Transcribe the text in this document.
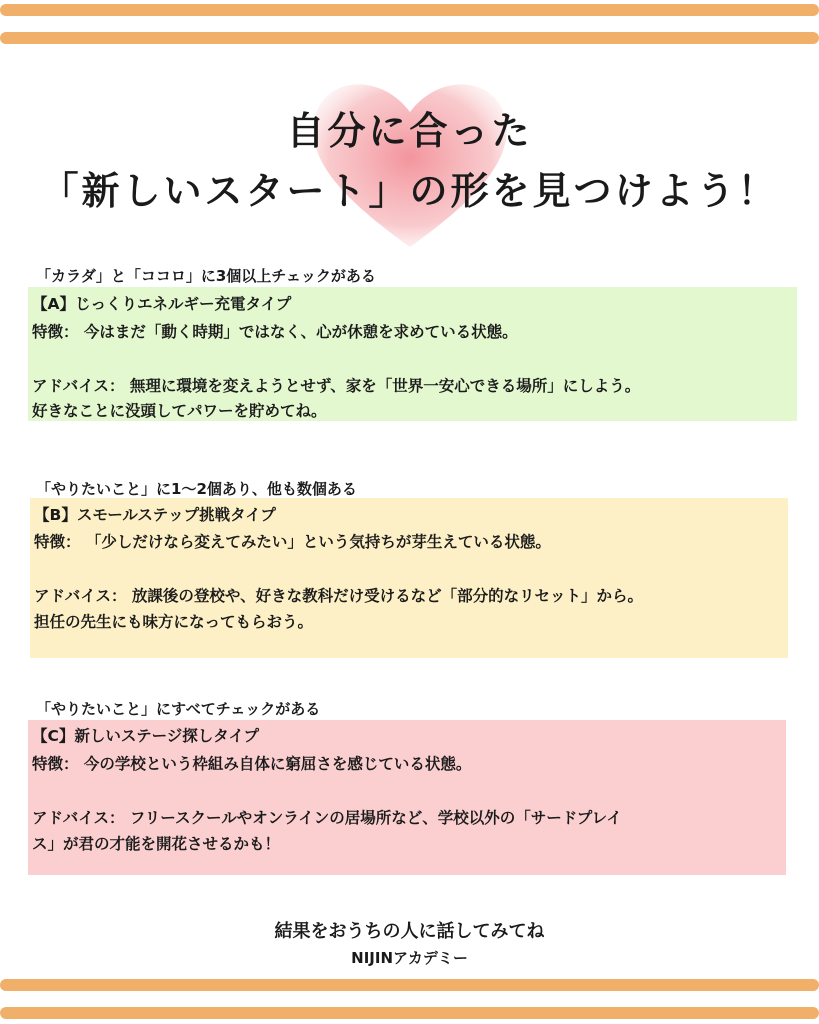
自分に合った
「新しいスタート」の形を見つけよう！
「カラダ」と「ココロ」に3個以上チェックがある
【A】じっくりエネルギー充電タイプ
特徴： 今はまだ「動く時期」ではなく、心が休憩を求めている状態。
アドバイス： 無理に環境を変えようとせず、家を「世界一安心できる場所」にしよう。
好きなことに没頭してパワーを貯めてね。
「やりたいこと」に1〜2個あり、他も数個ある
【B】スモールステップ挑戦タイプ
特徴： 「少しだけなら変えてみたい」という気持ちが芽生えている状態。
アドバイス： 放課後の登校や、好きな教科だけ受けるなど「部分的なリセット」から。
担任の先生にも味方になってもらおう。
「やりたいこと」にすべてチェックがある
【C】新しいステージ探しタイプ
特徴： 今の学校という枠組み自体に窮屈さを感じている状態。
アドバイス： フリースクールやオンラインの居場所など、学校以外の「サードプレイ
ス」が君の才能を開花させるかも！
結果をおうちの人に話してみてね
NIJINアカデミー
